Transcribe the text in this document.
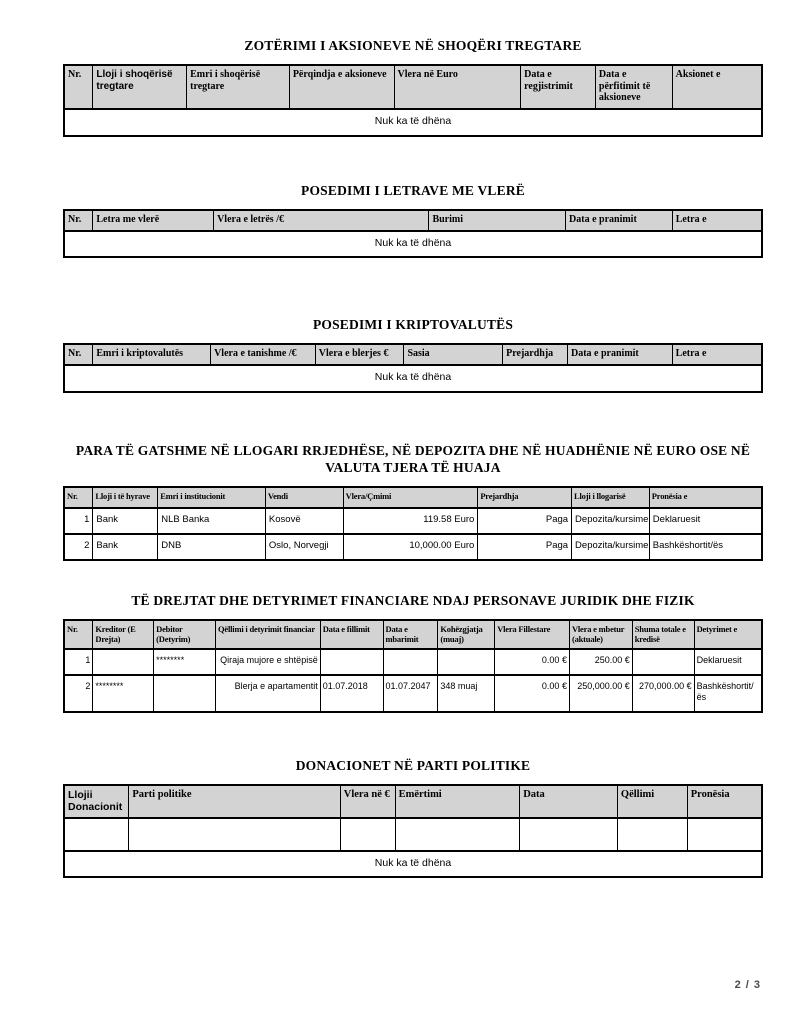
ZOTËRIMI I AKSIONEVE NË SHOQËRI TREGTARE
Nr.	Lloji i shoqërisë tregtare	Emri i shoqërisë tregtare	Përqindja e aksioneve	Vlera në Euro	Data e regjistrimit	Data e përfitimit të aksioneve	Aksionet e
Nuk ka të dhëna
POSEDIMI I LETRAVE ME VLERË
Nr.	Letra me vlerë	Vlera e letrës /€	Burimi	Data e pranimit	Letra e
Nuk ka të dhëna
POSEDIMI I KRIPTOVALUTËS
Nr.	Emri i kriptovalutës	Vlera e tanishme /€	Vlera e blerjes €	Sasia	Prejardhja	Data e pranimit	Letra e
Nuk ka të dhëna
PARA TË GATSHME NË LLOGARI RRJEDHËSE, NË DEPOZITA DHE NË HUADHËNIE NË EURO OSE NË VALUTA TJERA TË HUAJA
Nr.	Lloji i të hyrave	Emri i institucionit	Vendi	Vlera/Çmimi	Prejardhja	Lloji i llogarisë	Pronësia e
1	Bank	NLB Banka	Kosovë	119.58 Euro	Paga	Depozita/kursime	Deklaruesit
2	Bank	DNB	Oslo, Norvegji	10,000.00 Euro	Paga	Depozita/kursime	Bashkëshortit/ës
TË DREJTAT DHE DETYRIMET FINANCIARE NDAJ PERSONAVE JURIDIK DHE FIZIK
Nr.	Kreditor (E Drejta)	Debitor (Detyrim)	Qëllimi i detyrimit financiar	Data e fillimit	Data e mbarimit	Kohëzgjatja (muaj)	Vlera Fillestare	Vlera e mbetur (aktuale)	Shuma totale e kredisë	Detyrimet e
1		********	Qiraja mujore e shtëpisë				0.00 €	250.00 €		Deklaruesit
2	********		Blerja e apartamentit	01.07.2018	01.07.2047	348 muaj	0.00 €	250,000.00 €	270,000.00 €	Bashkëshortit/ës
DONACIONET NË PARTI POLITIKE
Llojii Donacionit	Parti politike	Vlera në €	Emërtimi	Data	Qëllimi	Pronësia

Nuk ka të dhëna						
2 / 3
